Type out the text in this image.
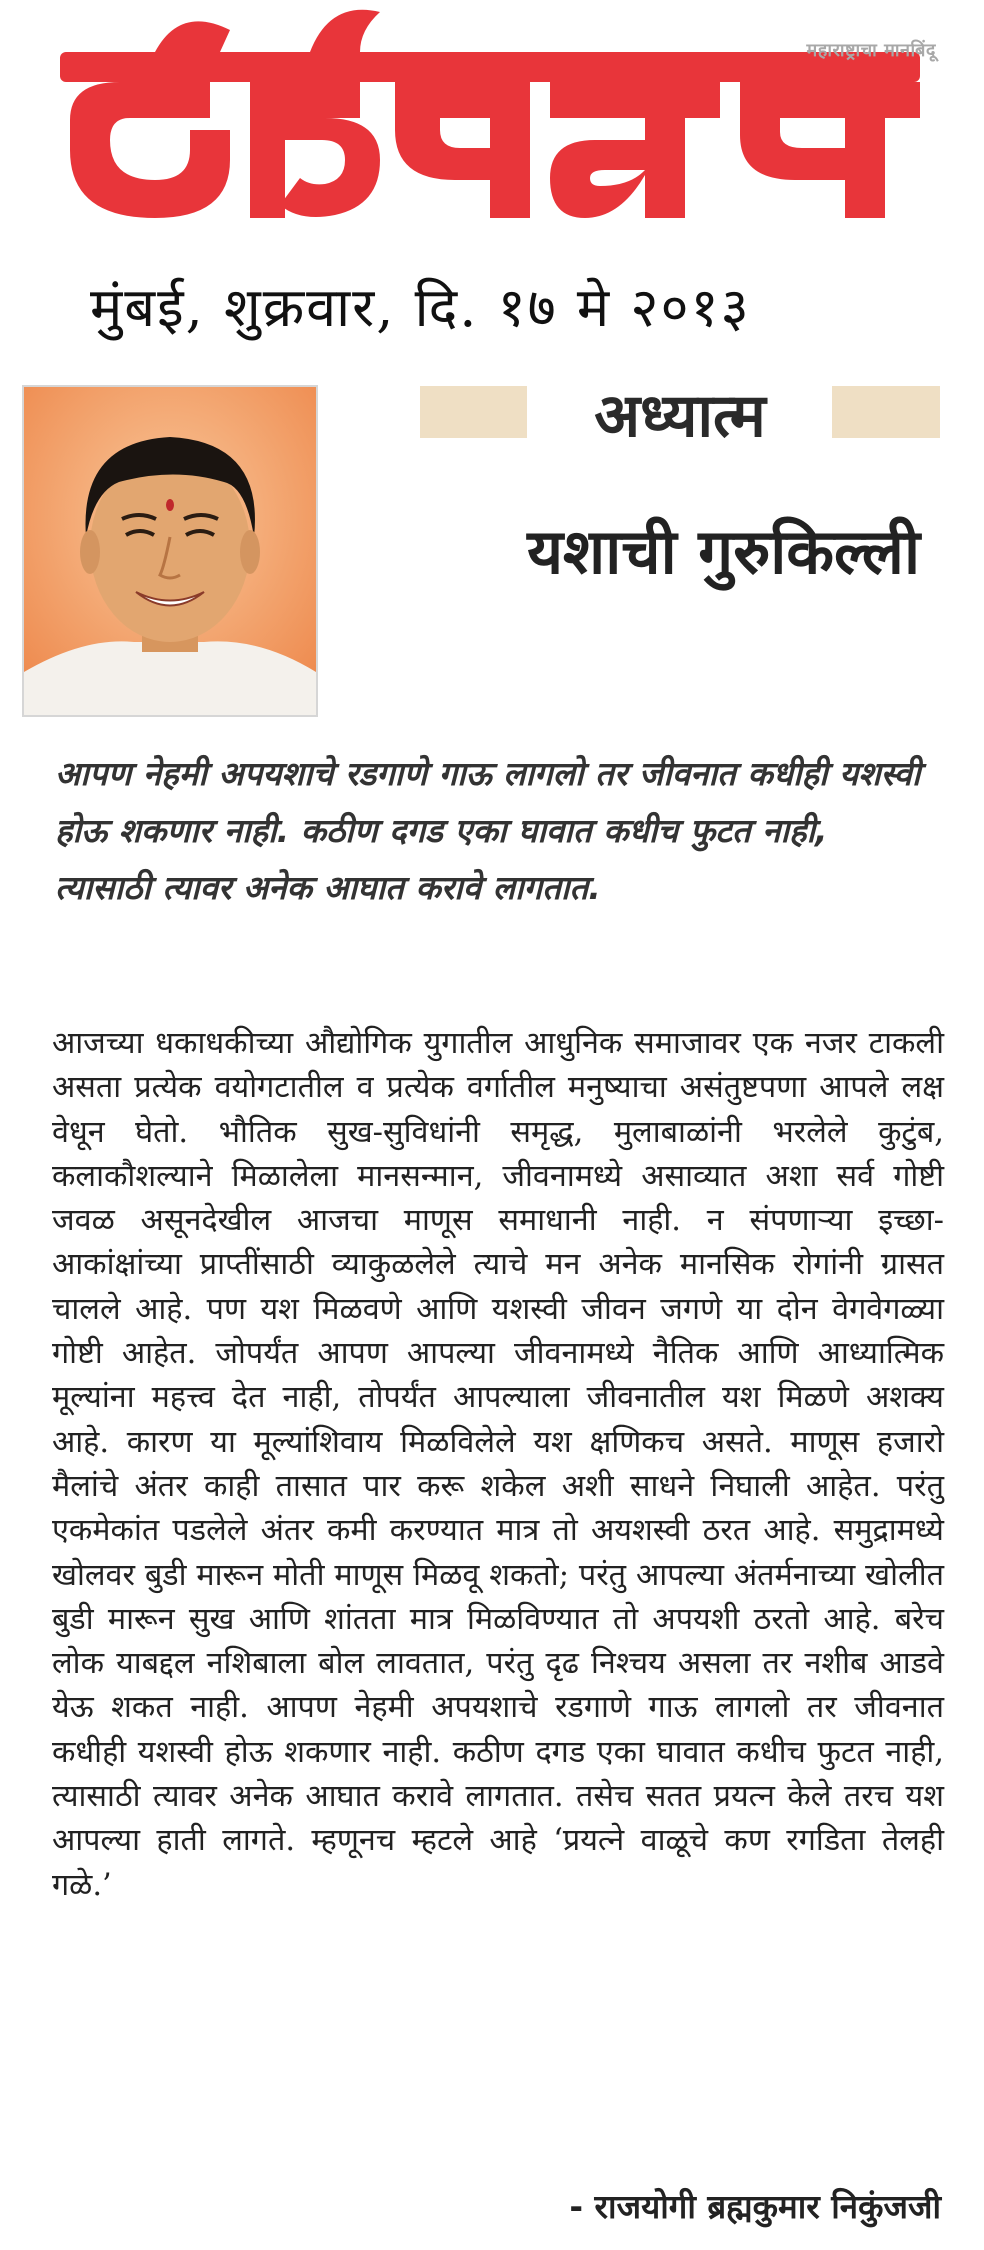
महाराष्ट्राचा मानबिंदू
मुंबई, शुक्रवार, दि. १७ मे २०१३
अध्यात्म
यशाची गुरुकिल्ली
आपण नेहमी अपयशाचे रडगाणे गाऊ लागलो तर जीवनात कधीही यशस्वी होऊ शकणार नाही. कठीण दगड एका घावात कधीच फुटत नाही, त्यासाठी त्यावर अनेक आघात करावे लागतात.
आजच्या धकाधकीच्या औद्योगिक युगातील आधुनिक समाजावर एक नजर टाकली असता प्रत्येक वयोगटातील व प्रत्येक वर्गातील मनुष्याचा असंतुष्टपणा आपले लक्ष वेधून घेतो. भौतिक सुख-सुविधांनी समृद्ध, मुलाबाळांनी भरलेले कुटुंब, कलाकौशल्याने मिळालेला मानसन्मान, जीवनामध्ये असाव्यात अशा सर्व गोष्टी जवळ असूनदेखील आजचा माणूस समाधानी नाही. न संपणाऱ्या इच्छा-आकांक्षांच्या प्राप्तींसाठी व्याकुळलेले त्याचे मन अनेक मानसिक रोगांनी ग्रासत चालले आहे. पण यश मिळवणे आणि यशस्वी जीवन जगणे या दोन वेगवेगळ्या गोष्टी आहेत. जोपर्यंत आपण आपल्या जीवनामध्ये नैतिक आणि आध्यात्मिक मूल्यांना महत्त्व देत नाही, तोपर्यंत आपल्याला जीवनातील यश मिळणे अशक्य आहे. कारण या मूल्यांशिवाय मिळविलेले यश क्षणिकच असते. माणूस हजारो मैलांचे अंतर काही तासात पार करू शकेल अशी साधने निघाली आहेत. परंतु एकमेकांत पडलेले अंतर कमी करण्यात मात्र तो अयशस्वी ठरत आहे. समुद्रामध्ये खोलवर बुडी मारून मोती माणूस मिळवू शकतो; परंतु आपल्या अंतर्मनाच्या खोलीत बुडी मारून सुख आणि शांतता मात्र मिळविण्यात तो अपयशी ठरतो आहे. बरेच लोक याबद्दल नशिबाला बोल लावतात, परंतु दृढ निश्चय असला तर नशीब आडवे येऊ शकत नाही. आपण नेहमी अपयशाचे रडगाणे गाऊ लागलो तर जीवनात कधीही यशस्वी होऊ शकणार नाही. कठीण दगड एका घावात कधीच फुटत नाही, त्यासाठी त्यावर अनेक आघात करावे लागतात. तसेच सतत प्रयत्न केले तरच यश आपल्या हाती लागते. म्हणूनच म्हटले आहे ‘प्रयत्ने वाळूचे कण रगडिता तेलही गळे.’
- राजयोगी ब्रह्मकुमार निकुंजजी
